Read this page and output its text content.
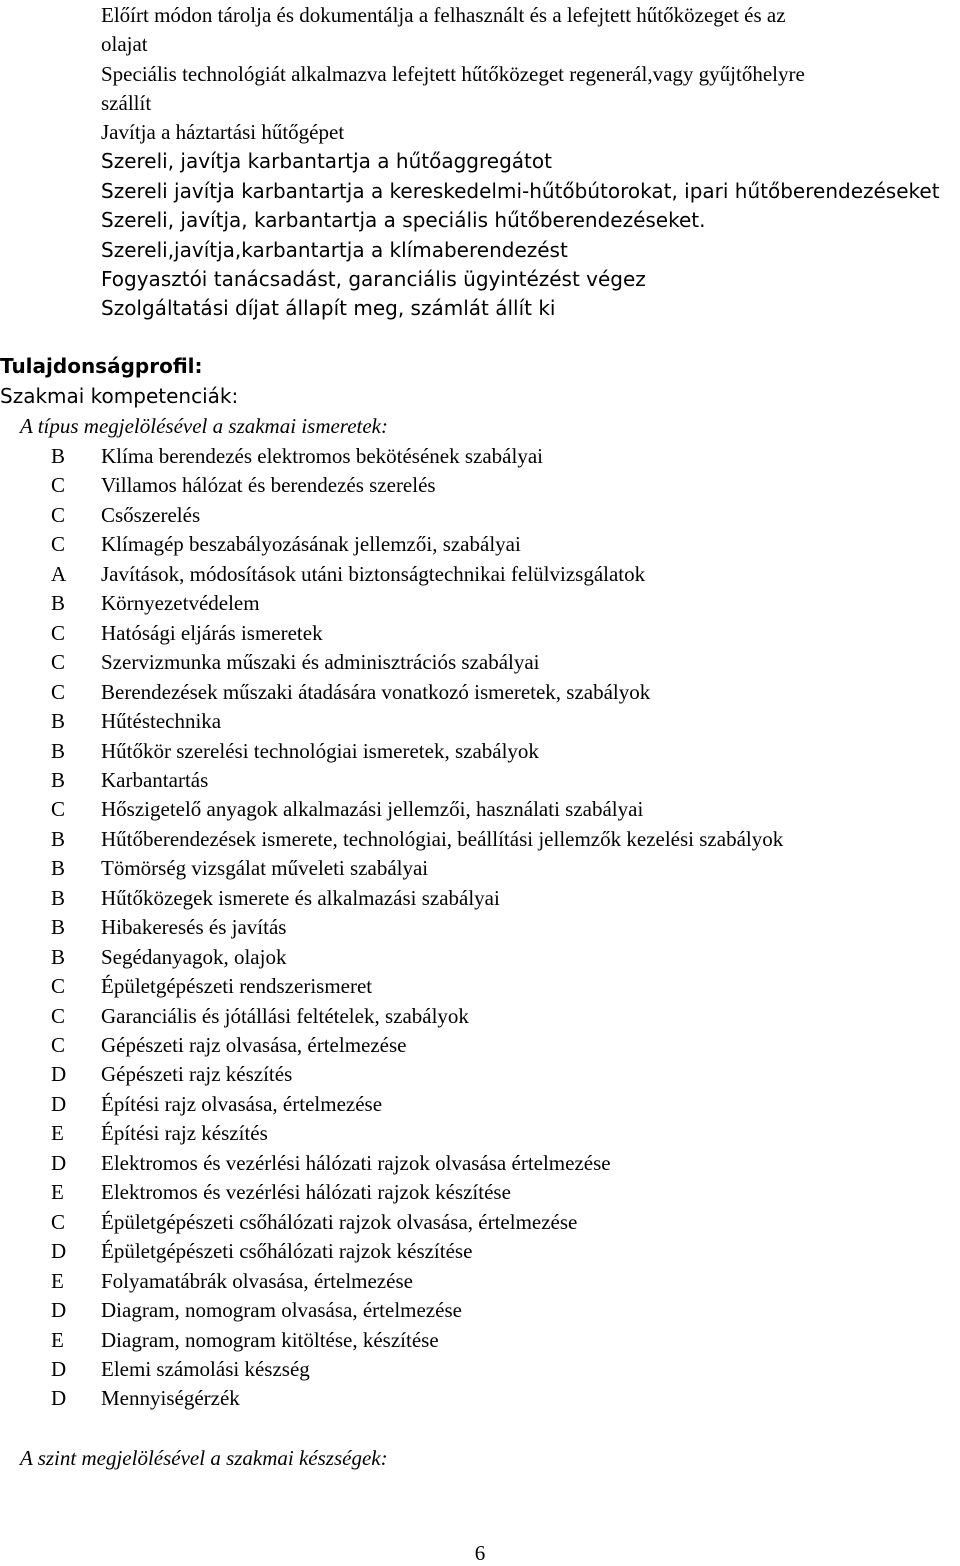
Előírt módon tárolja és dokumentálja a felhasznált és a lefejtett hűtőközeget és az
olajat
Speciális technológiát alkalmazva lefejtett hűtőközeget regenerál,vagy gyűjtőhelyre
szállít
Javítja a háztartási hűtőgépet
Szereli, javítja karbantartja a hűtőaggregátot
Szereli javítja karbantartja a kereskedelmi-hűtőbútorokat, ipari hűtőberendezéseket
Szereli, javítja, karbantartja a speciális hűtőberendezéseket.
Szereli,javítja,karbantartja a klímaberendezést
Fogyasztói tanácsadást, garanciális ügyintézést végez
Szolgáltatási díjat állapít meg, számlát állít ki
Tulajdonságprofil:
Szakmai kompetenciák:
A típus megjelölésével a szakmai ismeretek:
B	Klíma berendezés elektromos bekötésének szabályai
C	Villamos hálózat és berendezés szerelés
C	Csőszerelés
C	Klímagép beszabályozásának jellemzői, szabályai
A	Javítások, módosítások utáni biztonságtechnikai felülvizsgálatok
B	Környezetvédelem
C	Hatósági eljárás ismeretek
C	Szervizmunka műszaki és adminisztrációs szabályai
C	Berendezések műszaki átadására vonatkozó ismeretek, szabályok
B	Hűtéstechnika
B	Hűtőkör szerelési technológiai ismeretek, szabályok
B	Karbantartás
C	Hőszigetelő anyagok alkalmazási jellemzői, használati szabályai
B	Hűtőberendezések ismerete, technológiai, beállítási jellemzők kezelési szabályok
B	Tömörség vizsgálat műveleti szabályai
B	Hűtőközegek ismerete és alkalmazási szabályai
B	Hibakeresés és javítás
B	Segédanyagok, olajok
C	Épületgépészeti rendszerismeret
C	Garanciális és jótállási feltételek, szabályok
C	Gépészeti rajz olvasása, értelmezése
D	Gépészeti rajz készítés
D	Építési rajz olvasása, értelmezése
E	Építési rajz készítés
D	Elektromos és vezérlési hálózati rajzok olvasása értelmezése
E	Elektromos és vezérlési hálózati rajzok készítése
C	Épületgépészeti csőhálózati rajzok olvasása, értelmezése
D	Épületgépészeti csőhálózati rajzok készítése
E	Folyamatábrák olvasása, értelmezése
D	Diagram, nomogram olvasása, értelmezése
E	Diagram, nomogram kitöltése, készítése
D	Elemi számolási készség
D	Mennyiségérzék
A szint megjelölésével a szakmai készségek:
6
